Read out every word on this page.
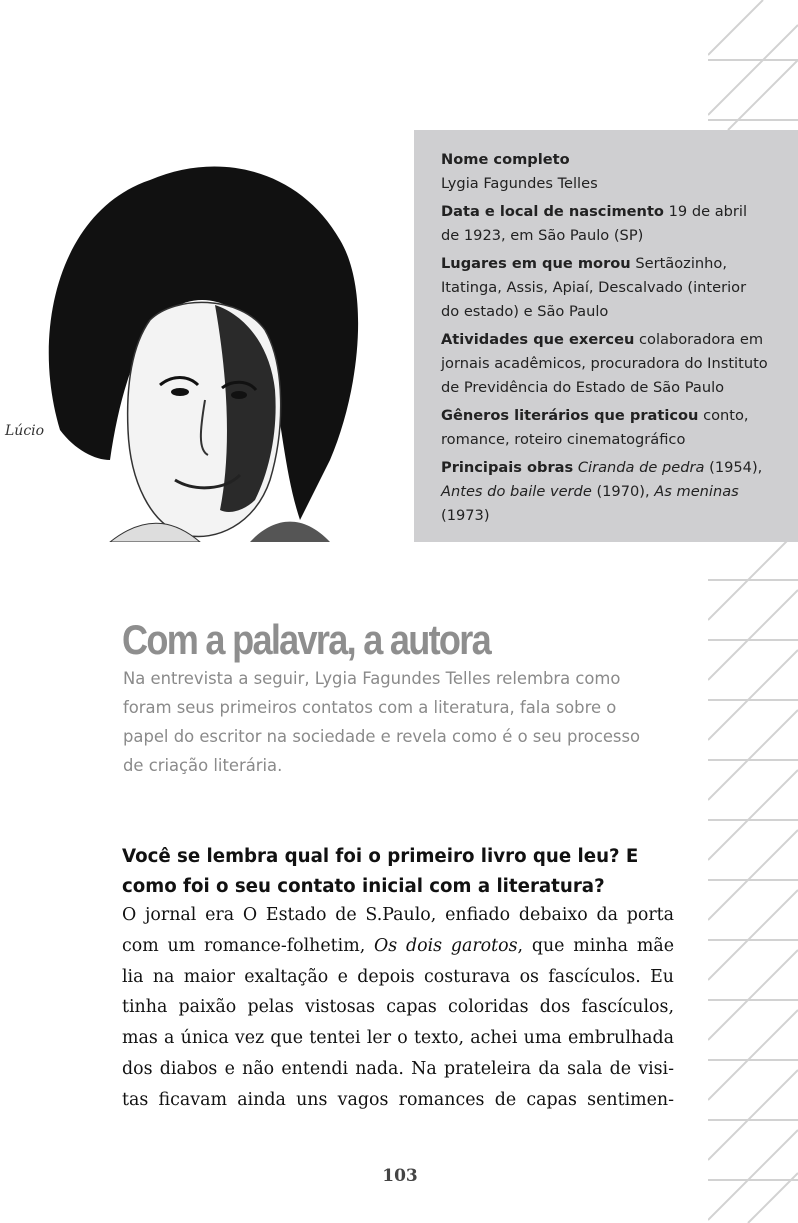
Lúcio
Nome completo
Lygia Fagundes Telles
Data e local de nascimento 19 de abril de 1923, em São Paulo (SP)
Lugares em que morou Sertãozinho, Itatinga, Assis, Apiaí, Descalvado (interior do estado) e São Paulo
Atividades que exerceu colaboradora em jornais acadêmicos, procuradora do Instituto de Previdência do Estado de São Paulo
Gêneros literários que praticou conto, romance, roteiro cinematográfico
Principais obras Ciranda de pedra (1954),
Antes do baile verde (1970), As meninas (1973)
Com a palavra, a autora

Na entrevista a seguir, Lygia Fagundes Telles relembra como foram seus primeiros contatos com a literatura, fala sobre o papel do escritor na sociedade e revela como é o seu processo de criação literária.

Você se lembra qual foi o primeiro livro que leu? E como foi o seu contato inicial com a literatura?

O jornal era O Estado de S.Paulo, enfiado debaixo da porta
com um romance-folhetim, Os dois garotos, que minha mãe
lia na maior exaltação e depois costurava os fascículos. Eu
tinha paixão pelas vistosas capas coloridas dos fascículos,
mas a única vez que tentei ler o texto, achei uma embrulhada
dos diabos e não entendi nada. Na prateleira da sala de visi-
tas ficavam ainda uns vagos romances de capas sentimen-
103
